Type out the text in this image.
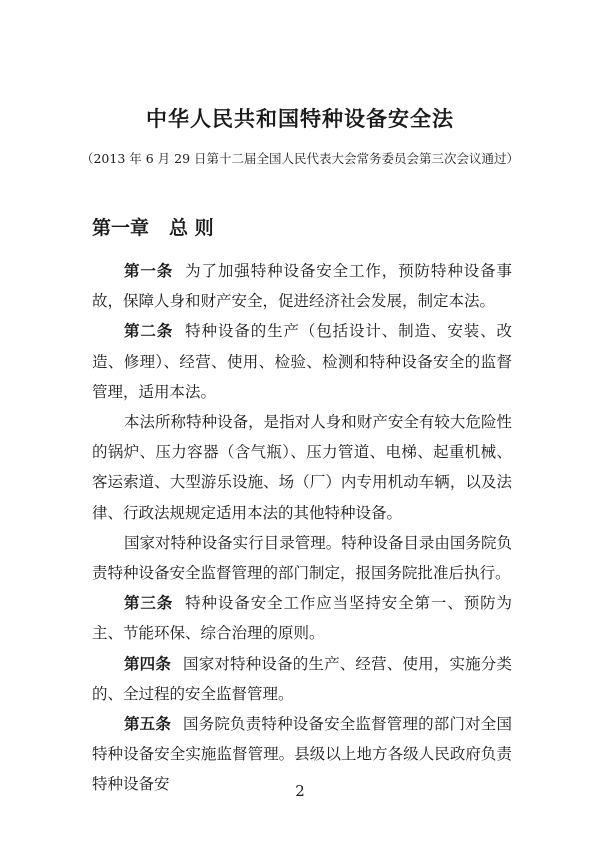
中华人民共和国特种设备安全法
（2013 年 6 月 29 日第十二届全国人民代表大会常务委员会第三次会议通过）
第一章 总 则

第一条 为了加强特种设备安全工作，预防特种设备事故，保障人身和财产安全，促进经济社会发展，制定本法。

第二条 特种设备的生产（包括设计、制造、安装、改造、修理）、经营、使用、检验、检测和特种设备安全的监督管理，适用本法。

本法所称特种设备，是指对人身和财产安全有较大危险性的锅炉、压力容器（含气瓶）、压力管道、电梯、起重机械、客运索道、大型游乐设施、场（厂）内专用机动车辆，以及法律、行政法规规定适用本法的其他特种设备。

国家对特种设备实行目录管理。特种设备目录由国务院负责特种设备安全监督管理的部门制定，报国务院批准后执行。

第三条 特种设备安全工作应当坚持安全第一、预防为主、节能环保、综合治理的原则。

第四条 国家对特种设备的生产、经营、使用，实施分类的、全过程的安全监督管理。

第五条 国务院负责特种设备安全监督管理的部门对全国特种设备安全实施监督管理。县级以上地方各级人民政府负责特种设备安	2
